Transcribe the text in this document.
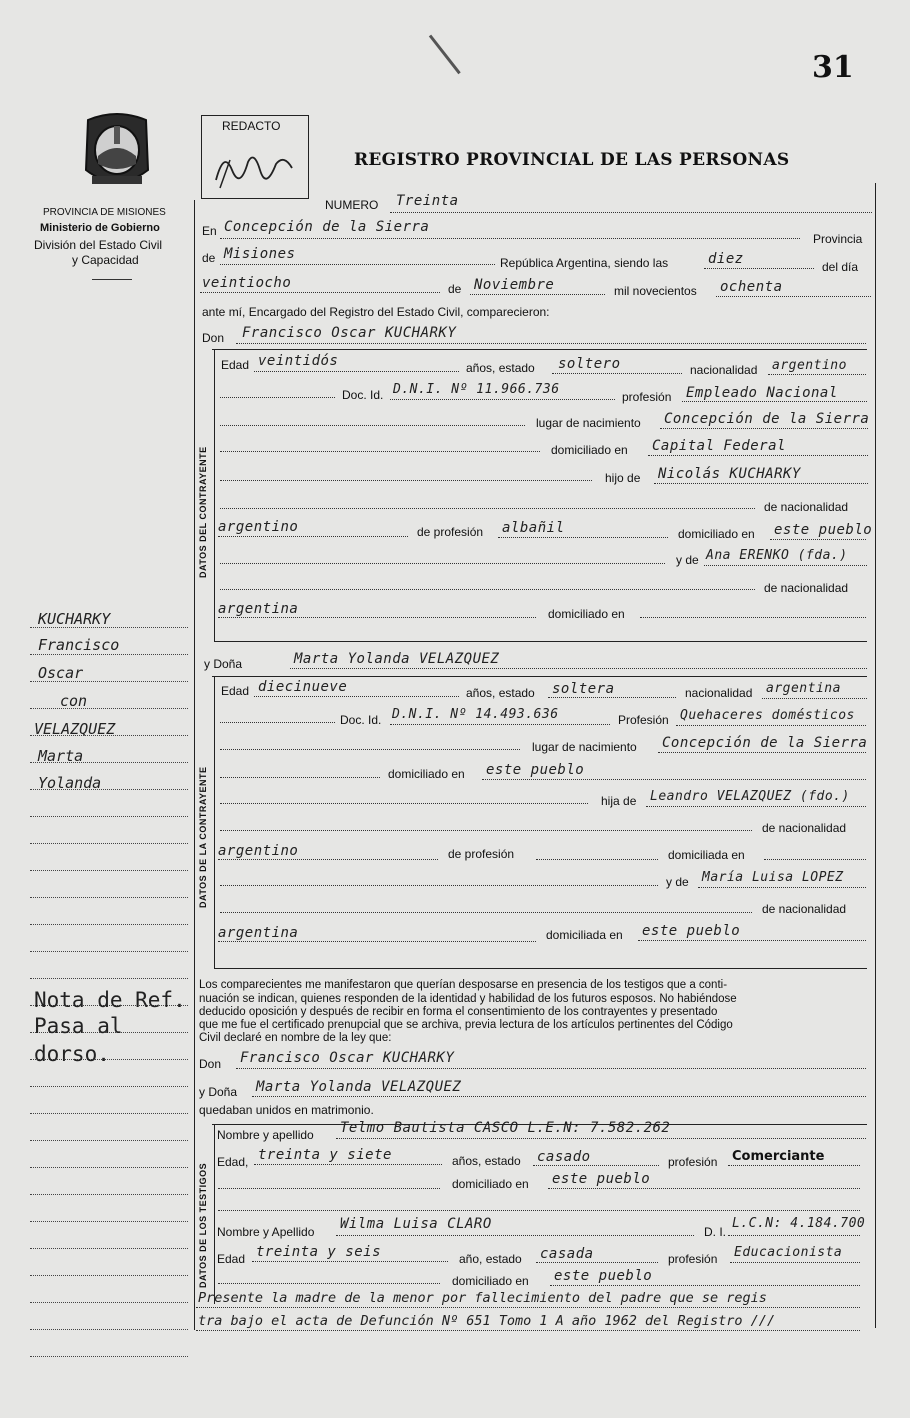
31
PROVINCIA DE MISIONES
Ministerio de Gobierno
División del Estado Civil
y Capacidad
REDACTO
REGISTRO PROVINCIAL DE LAS PERSONAS
NUMERO Treinta
En Concepción de la Sierra
Provincia
de Misiones
República Argentina, siendo las	diez	del día
veintiocho	de Noviembre	mil novecientos ochenta
ante mí, Encargado del Registro del Estado Civil, comparecieron:
Don Francisco Oscar KUCHARKY
DATOS DEL CONTRAYENTE
Edad veintidós	años, estado soltero	nacionalidad argentino
Doc. Id. D.N.I. Nº 11.966.736	profesión Empleado Nacional
lugar de nacimiento Concepción de la Sierra
domiciliado en Capital Federal
hijo de Nicolás KUCHARKY
de nacionalidad
argentino	de profesión albañil	domiciliado en este pueblo
y de Ana ERENKO (fda.)
de nacionalidad
argentina	domiciliado en
y Doña	Marta Yolanda VELAZQUEZ
DATOS DE LA CONTRAYENTE
Edad diecinueve	años, estado soltera	nacionalidad argentina
Doc. Id. D.N.I. Nº 14.493.636	Profesión Quehaceres domésticos
lugar de nacimiento Concepción de la Sierra
domiciliado en este pueblo
hija de Leandro VELAZQUEZ (fdo.)
de nacionalidad
argentino	de profesión	domiciliada en
y de María Luisa LOPEZ
de nacionalidad
argentina	domiciliada en este pueblo
Los comparecientes me manifestaron que querían desposarse en presencia de los testigos que a conti-
nuación se indican, quienes responden de la identidad y habilidad de los futuros esposos. No habiéndose
deducido oposición y después de recibir en forma el consentimiento de los contrayentes y presentado
que me fue el certificado prenupcial que se archiva, previa lectura de los artículos pertinentes del Código
Civil declaré en nombre de la ley que:
Don Francisco Oscar KUCHARKY
y Doña Marta Yolanda VELAZQUEZ
quedaban unidos en matrimonio.
DATOS DE LOS TESTIGOS
Nombre y apellido Telmo Bautista CASCO L.E.N: 7.582.262
Edad, treinta y siete	años, estado casado	profesión Comerciante
domiciliado en este pueblo
Nombre y Apellido Wilma Luisa CLARO	D. I.
L.C.N: 4.184.700
Edad treinta y seis	año, estado casada	profesión Educacionista
domiciliado en este pueblo
Presente la madre de la menor por fallecimiento del padre que se regis
tra bajo el acta de Defunción Nº 651 Tomo 1 A año 1962 del Registro ///
KUCHARKY
Francisco
Oscar
con
VELAZQUEZ
Marta
Yolanda
Nota de Ref.
Pasa al
dorso.
